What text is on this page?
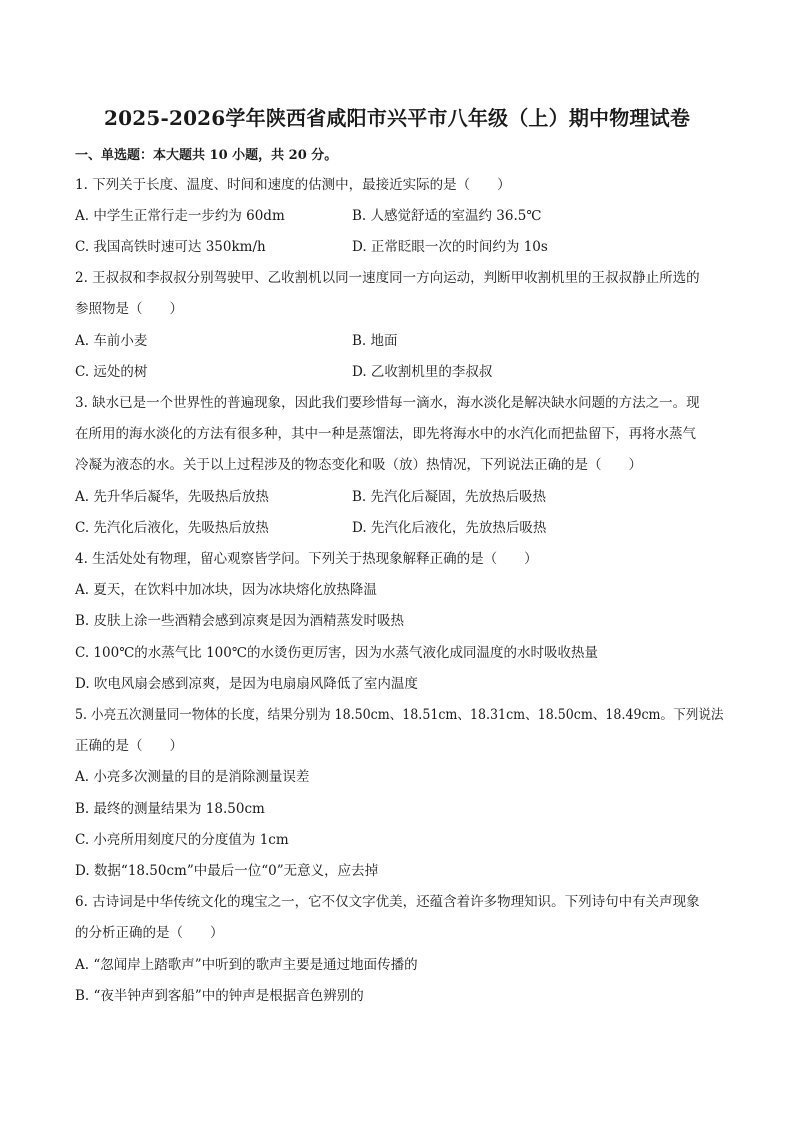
2025-2026学年陕西省咸阳市兴平市八年级（上）期中物理试卷
一、单选题：本大题共 10 小题，共 20 分。
1. 下列关于长度、温度、时间和速度的估测中，最接近实际的是（　　）
A. 中学生正常行走一步约为 60dm	B. 人感觉舒适的室温约 36.5℃
C. 我国高铁时速可达 350km/h	D. 正常眨眼一次的时间约为 10s
2. 王叔叔和李叔叔分别驾驶甲、乙收割机以同一速度同一方向运动，判断甲收割机里的王叔叔静止所选的
参照物是（　　）
A. 车前小麦	B. 地面
C. 远处的树	D. 乙收割机里的李叔叔
3. 缺水已是一个世界性的普遍现象，因此我们要珍惜每一滴水，海水淡化是解决缺水问题的方法之一。现
在所用的海水淡化的方法有很多种，其中一种是蒸馏法，即先将海水中的水汽化而把盐留下，再将水蒸气
冷凝为液态的水。关于以上过程涉及的物态变化和吸（放）热情况，下列说法正确的是（　　）
A. 先升华后凝华，先吸热后放热	B. 先汽化后凝固，先放热后吸热
C. 先汽化后液化，先吸热后放热	D. 先汽化后液化，先放热后吸热
4. 生活处处有物理，留心观察皆学问。下列关于热现象解释正确的是（　　）
A. 夏天，在饮料中加冰块，因为冰块熔化放热降温
B. 皮肤上涂一些酒精会感到凉爽是因为酒精蒸发时吸热
C. 100℃的水蒸气比 100℃的水烫伤更厉害，因为水蒸气液化成同温度的水时吸收热量
D. 吹电风扇会感到凉爽，是因为电扇扇风降低了室内温度
5. 小亮五次测量同一物体的长度，结果分别为 18.50cm、18.51cm、18.31cm、18.50cm、18.49cm。下列说法
正确的是（　　）
A. 小亮多次测量的目的是消除测量误差
B. 最终的测量结果为 18.50cm
C. 小亮所用刻度尺的分度值为 1cm
D. 数据“18.50cm”中最后一位“0”无意义，应去掉
6. 古诗词是中华传统文化的瑰宝之一，它不仅文字优美，还蕴含着许多物理知识。下列诗句中有关声现象
的分析正确的是（　　）
A. “忽闻岸上踏歌声”中听到的歌声主要是通过地面传播的
B. “夜半钟声到客船”中的钟声是根据音色辨别的
